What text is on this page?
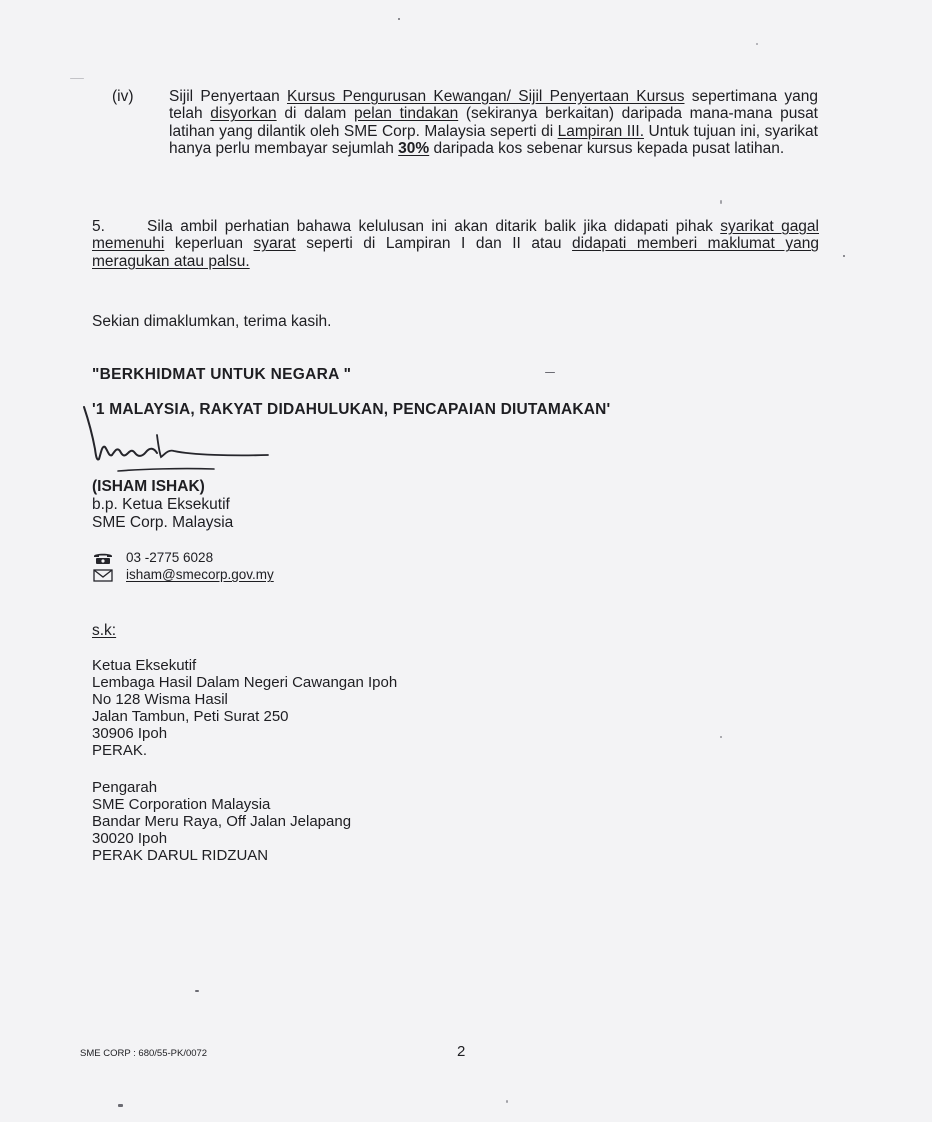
(iv) Sijil Penyertaan Kursus Pengurusan Kewangan/ Sijil Penyertaan Kursus sepertimana yang telah disyorkan di dalam pelan tindakan (sekiranya berkaitan) daripada mana-mana pusat latihan yang dilantik oleh SME Corp. Malaysia seperti di Lampiran III. Untuk tujuan ini, syarikat hanya perlu membayar sejumlah 30% daripada kos sebenar kursus kepada pusat latihan.
5.	Sila ambil perhatian bahawa kelulusan ini akan ditarik balik jika didapati pihak syarikat gagal memenuhi keperluan syarat seperti di Lampiran I dan II atau didapati memberi maklumat yang meragukan atau palsu.
Sekian dimaklumkan, terima kasih.
"BERKHIDMAT UNTUK NEGARA "
'1 MALAYSIA, RAKYAT DIDAHULUKAN, PENCAPAIAN DIUTAMAKAN'
(ISHAM ISHAK)
b.p. Ketua Eksekutif
SME Corp. Malaysia
03 -2775 6028
isham@smecorp.gov.my
s.k:
Ketua Eksekutif
Lembaga Hasil Dalam Negeri Cawangan Ipoh
No 128 Wisma Hasil
Jalan Tambun, Peti Surat 250
30906 Ipoh
PERAK.
Pengarah
SME Corporation Malaysia
Bandar Meru Raya, Off Jalan Jelapang
30020 Ipoh
PERAK DARUL RIDZUAN
SME CORP : 680/55-PK/0072	2
